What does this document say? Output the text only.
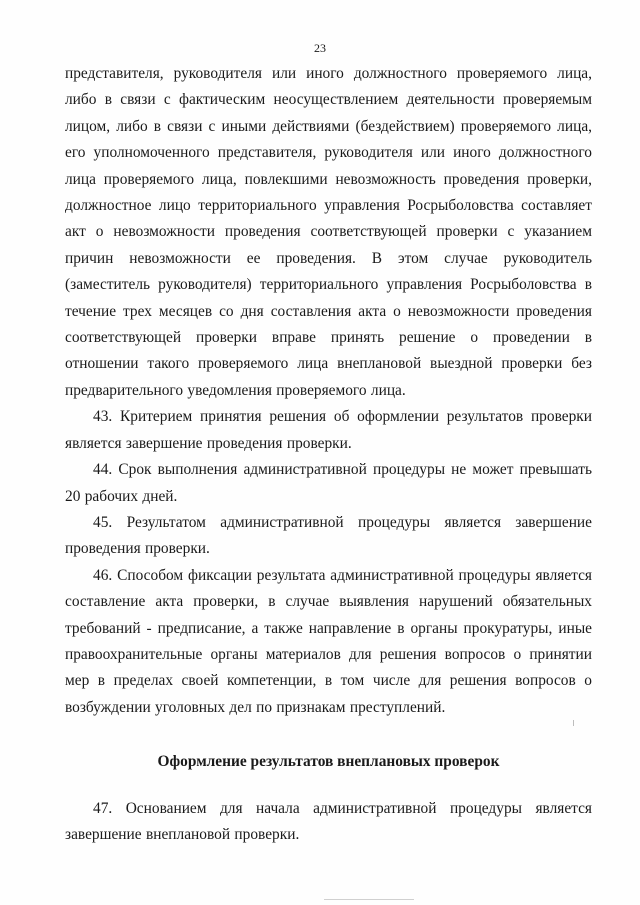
23

представителя, руководителя или иного должностного проверяемого лица, либо в связи с фактическим неосуществлением деятельности проверяемым лицом, либо в связи с иными действиями (бездействием) проверяемого лица, его уполномоченного представителя, руководителя или иного должностного лица проверяемого лица, повлекшими невозможность проведения проверки, должностное лицо территориального управления Росрыболовства составляет акт о невозможности проведения соответствующей проверки с указанием причин невозможности ее проведения. В этом случае руководитель (заместитель руководителя) территориального управления Росрыболовства в течение трех месяцев со дня составления акта о невозможности проведения соответствующей проверки вправе принять решение о проведении в отношении такого проверяемого лица внеплановой выездной проверки без предварительного уведомления проверяемого лица.

43. Критерием принятия решения об оформлении результатов проверки является завершение проведения проверки.

44. Срок выполнения административной процедуры не может превышать 20 рабочих дней.

45. Результатом административной процедуры является завершение проведения проверки.

46. Способом фиксации результата административной процедуры является составление акта проверки, в случае выявления нарушений обязательных требований - предписание, а также направление в органы прокуратуры, иные правоохранительные органы материалов для решения вопросов о принятии мер в пределах своей компетенции, в том числе для решения вопросов о возбуждении уголовных дел по признакам преступлений.

Оформление результатов внеплановых проверок

47. Основанием для начала административной процедуры является завершение внеплановой проверки.
